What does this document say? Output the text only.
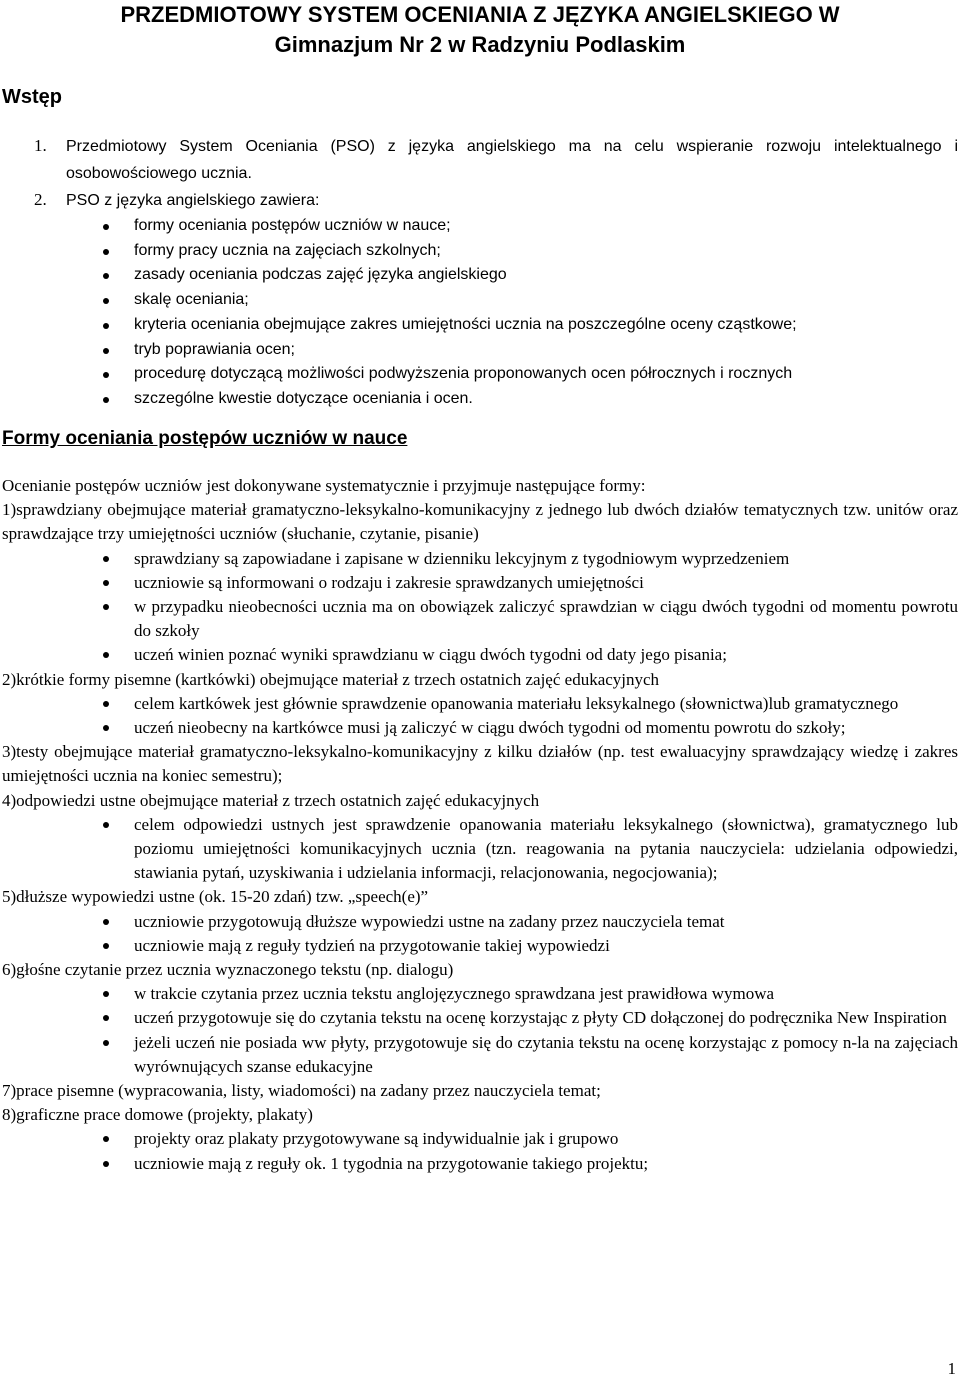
PRZEDMIOTOWY SYSTEM OCENIANIA Z JĘZYKA ANGIELSKIEGO W

Gimnazjum Nr 2 w Radzyniu Podlaskim

Wstęp
1. Przedmiotowy System Oceniania (PSO) z języka angielskiego ma na celu wspieranie rozwoju intelektualnego i osobowościowego ucznia.
2. PSO z języka angielskiego zawiera:
formy oceniania postępów uczniów w nauce;
formy pracy ucznia na zajęciach szkolnych;
zasady oceniania podczas zajęć języka angielskiego
skalę oceniania;
kryteria oceniania obejmujące zakres umiejętności ucznia na poszczególne oceny cząstkowe;
tryb poprawiania ocen;
procedurę dotyczącą możliwości podwyższenia proponowanych ocen półrocznych i rocznych
szczególne kwestie dotyczące oceniania i ocen.
Formy oceniania postępów uczniów w nauce

Ocenianie postępów uczniów jest dokonywane systematycznie i przyjmuje następujące formy:

1)sprawdziany obejmujące materiał gramatyczno-leksykalno-komunikacyjny z jednego lub dwóch działów tematycznych tzw. unitów oraz sprawdzające trzy umiejętności uczniów (słuchanie, czytanie, pisanie)

sprawdziany są zapowiadane i zapisane w dzienniku lekcyjnym z tygodniowym wyprzedzeniem
uczniowie są informowani o rodzaju i zakresie sprawdzanych umiejętności
w przypadku nieobecności ucznia ma on obowiązek zaliczyć sprawdzian w ciągu dwóch tygodni od momentu powrotu do szkoły
uczeń winien poznać wyniki sprawdzianu w ciągu dwóch tygodni od daty jego pisania;

2)krótkie formy pisemne (kartkówki) obejmujące materiał z trzech ostatnich zajęć edukacyjnych

celem kartkówek jest głównie sprawdzenie opanowania materiału leksykalnego (słownictwa)lub gramatycznego
uczeń nieobecny na kartkówce musi ją zaliczyć w ciągu dwóch tygodni od momentu powrotu do szkoły;

3)testy obejmujące materiał gramatyczno-leksykalno-komunikacyjny z kilku działów (np. test ewaluacyjny sprawdzający wiedzę i zakres umiejętności ucznia na koniec semestru);

4)odpowiedzi ustne obejmujące materiał z trzech ostatnich zajęć edukacyjnych

celem odpowiedzi ustnych jest sprawdzenie opanowania materiału leksykalnego (słownictwa), gramatycznego lub poziomu umiejętności komunikacyjnych ucznia (tzn. reagowania na pytania nauczyciela: udzielania odpowiedzi, stawiania pytań, uzyskiwania i udzielania informacji, relacjonowania, negocjowania);

5)dłuższe wypowiedzi ustne (ok. 15-20 zdań) tzw. „speech(e)”

uczniowie przygotowują dłuższe wypowiedzi ustne na zadany przez nauczyciela temat
uczniowie mają z reguły tydzień na przygotowanie takiej wypowiedzi

6)głośne czytanie przez ucznia wyznaczonego tekstu (np. dialogu)

w trakcie czytania przez ucznia tekstu anglojęzycznego sprawdzana jest prawidłowa wymowa
uczeń przygotowuje się do czytania tekstu na ocenę korzystając z płyty CD dołączonej do podręcznika New Inspiration
jeżeli uczeń nie posiada ww płyty, przygotowuje się do czytania tekstu na ocenę korzystając z pomocy n-la na zajęciach wyrównujących szanse edukacyjne

7)prace pisemne (wypracowania, listy, wiadomości) na zadany przez nauczyciela temat;

8)graficzne prace domowe (projekty, plakaty)

projekty oraz plakaty przygotowywane są indywidualnie jak i grupowo
uczniowie mają z reguły ok. 1 tygodnia na przygotowanie takiego projektu;
1
